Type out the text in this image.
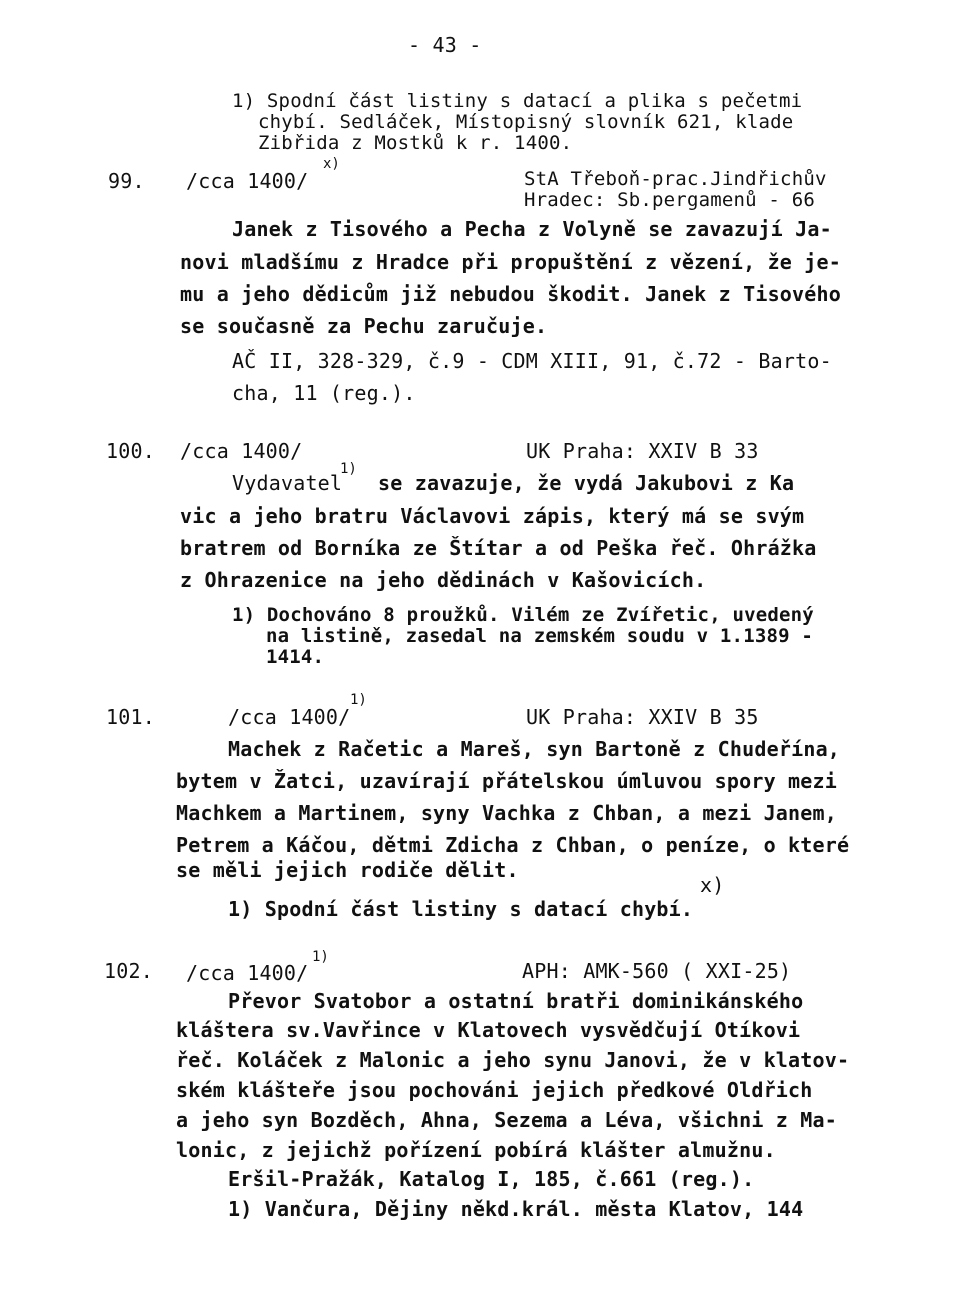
- 43 -
1) Spodní část listiny s datací a plika s pečetmi
chybí. Sedláček, Místopisný slovník 621, klade
Zibřida z Mostků k r. 1400.
99. /cca 1400/
x)
StA Třeboň-prac.Jindřichův
Hradec: Sb.pergamenů - 66
Janek z Tisového a Pecha z Volyně se zavazují Ja-
novi mladšímu z Hradce při propuštění z vězení, že je-
mu a jeho dědicům již nebudou škodit. Janek z Tisového
se současně za Pechu zaručuje.
AČ II, 328-329, č.9 - CDM XIII, 91, č.72 - Barto-
cha, 11 (reg.).
100. /cca 1400/	UK Praha: XXIV B 33
Vydavatel
1)
se zavazuje, že vydá Jakubovi z Ka
vic a jeho bratru Václavovi zápis, který má se svým
bratrem od Borníka ze Štítar a od Peška řeč. Ohrážka
z Ohrazenice na jeho dědinách v Kašovicích.
1) Dochováno 8 proužků. Vilém ze Zvířetic, uvedený
na listině, zasedal na zemském soudu v 1.1389 -
1414.
101.	/cca 1400/
1)
UK Praha: XXIV B 35
Machek z Račetic a Mareš, syn Bartoně z Chudeřína,
bytem v Žatci, uzavírají přátelskou úmluvou spory mezi
Machkem a Martinem, syny Vachka z Chban, a mezi Janem,
Petrem a Káčou, dětmi Zdicha z Chban, o peníze, o které
se měli jejich rodiče dělit.
x)
1) Spodní část listiny s datací chybí.
102. /cca 1400/
1)
APH: AMK-560 ( XXI-25)
Převor Svatobor a ostatní bratři dominikánského
kláštera sv.Vavřince v Klatovech vysvědčují Otíkovi
řeč. Koláček z Malonic a jeho synu Janovi, že v klatov-
ském klášteře jsou pochováni jejich předkové Oldřich
a jeho syn Bozděch, Ahna, Sezema a Léva, všichni z Ma-
lonic, z jejichž pořízení pobírá klášter almužnu.
Eršil-Pražák, Katalog I, 185, č.661 (reg.).
1) Vančura, Dějiny někd.král. města Klatov, 144
